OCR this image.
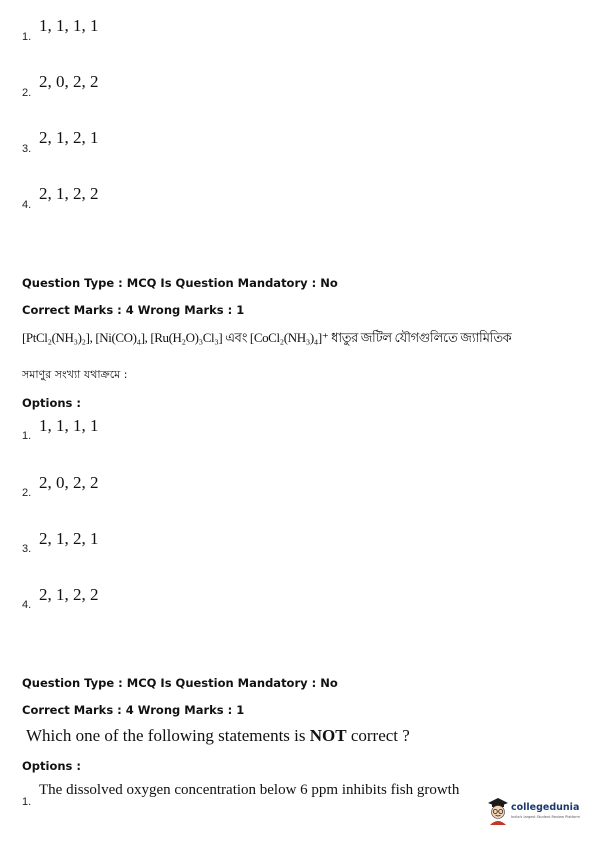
1.
1, 1, 1, 1
2.
2, 0, 2, 2
3.
2, 1, 2, 1
4.
2, 1, 2, 2
Question Type : MCQ Is Question Mandatory : No
Correct Marks : 4 Wrong Marks : 1
[PtCl₂(NH₃)₂], [Ni(CO)₄], [Ru(H₂O)₃Cl₃] এবং [CoCl₂(NH₃)₄]⁺ ধাতুর জটিল যৌগগুলিতে জ্যামিতিক
সমাণুর সংখ্যা যথাক্রমে :
Options :
1.
1, 1, 1, 1
2.
2, 0, 2, 2
3.
2, 1, 2, 1
4.
2, 1, 2, 2
Question Type : MCQ Is Question Mandatory : No
Correct Marks : 4 Wrong Marks : 1
Which one of the following statements is NOT correct ?
Options :
1.
The dissolved oxygen concentration below 6 ppm inhibits fish growth
collegedunia
India's largest Student Review Platform
